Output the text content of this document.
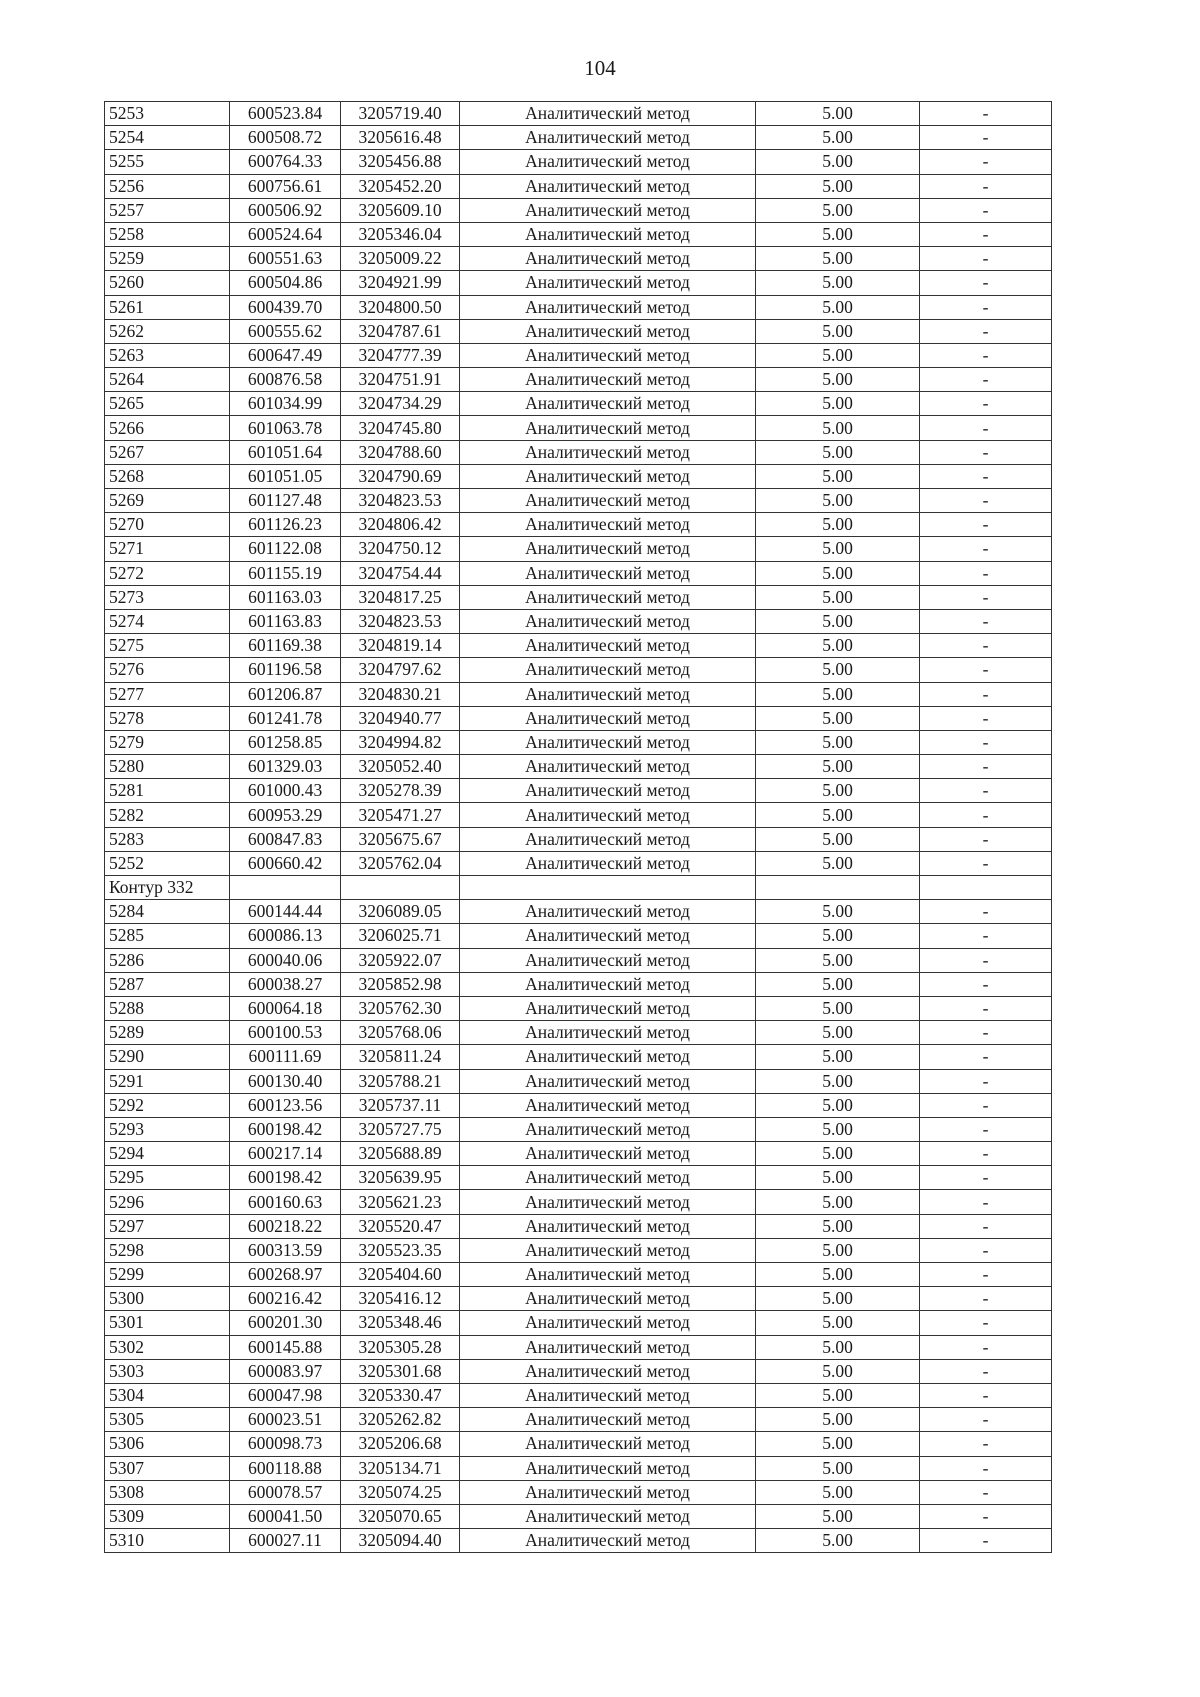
104
5253	600523.84	3205719.40	Аналитический метод	5.00	-
5254	600508.72	3205616.48	Аналитический метод	5.00	-
5255	600764.33	3205456.88	Аналитический метод	5.00	-
5256	600756.61	3205452.20	Аналитический метод	5.00	-
5257	600506.92	3205609.10	Аналитический метод	5.00	-
5258	600524.64	3205346.04	Аналитический метод	5.00	-
5259	600551.63	3205009.22	Аналитический метод	5.00	-
5260	600504.86	3204921.99	Аналитический метод	5.00	-
5261	600439.70	3204800.50	Аналитический метод	5.00	-
5262	600555.62	3204787.61	Аналитический метод	5.00	-
5263	600647.49	3204777.39	Аналитический метод	5.00	-
5264	600876.58	3204751.91	Аналитический метод	5.00	-
5265	601034.99	3204734.29	Аналитический метод	5.00	-
5266	601063.78	3204745.80	Аналитический метод	5.00	-
5267	601051.64	3204788.60	Аналитический метод	5.00	-
5268	601051.05	3204790.69	Аналитический метод	5.00	-
5269	601127.48	3204823.53	Аналитический метод	5.00	-
5270	601126.23	3204806.42	Аналитический метод	5.00	-
5271	601122.08	3204750.12	Аналитический метод	5.00	-
5272	601155.19	3204754.44	Аналитический метод	5.00	-
5273	601163.03	3204817.25	Аналитический метод	5.00	-
5274	601163.83	3204823.53	Аналитический метод	5.00	-
5275	601169.38	3204819.14	Аналитический метод	5.00	-
5276	601196.58	3204797.62	Аналитический метод	5.00	-
5277	601206.87	3204830.21	Аналитический метод	5.00	-
5278	601241.78	3204940.77	Аналитический метод	5.00	-
5279	601258.85	3204994.82	Аналитический метод	5.00	-
5280	601329.03	3205052.40	Аналитический метод	5.00	-
5281	601000.43	3205278.39	Аналитический метод	5.00	-
5282	600953.29	3205471.27	Аналитический метод	5.00	-
5283	600847.83	3205675.67	Аналитический метод	5.00	-
5252	600660.42	3205762.04	Аналитический метод	5.00	-
Контур 332					
5284	600144.44	3206089.05	Аналитический метод	5.00	-
5285	600086.13	3206025.71	Аналитический метод	5.00	-
5286	600040.06	3205922.07	Аналитический метод	5.00	-
5287	600038.27	3205852.98	Аналитический метод	5.00	-
5288	600064.18	3205762.30	Аналитический метод	5.00	-
5289	600100.53	3205768.06	Аналитический метод	5.00	-
5290	600111.69	3205811.24	Аналитический метод	5.00	-
5291	600130.40	3205788.21	Аналитический метод	5.00	-
5292	600123.56	3205737.11	Аналитический метод	5.00	-
5293	600198.42	3205727.75	Аналитический метод	5.00	-
5294	600217.14	3205688.89	Аналитический метод	5.00	-
5295	600198.42	3205639.95	Аналитический метод	5.00	-
5296	600160.63	3205621.23	Аналитический метод	5.00	-
5297	600218.22	3205520.47	Аналитический метод	5.00	-
5298	600313.59	3205523.35	Аналитический метод	5.00	-
5299	600268.97	3205404.60	Аналитический метод	5.00	-
5300	600216.42	3205416.12	Аналитический метод	5.00	-
5301	600201.30	3205348.46	Аналитический метод	5.00	-
5302	600145.88	3205305.28	Аналитический метод	5.00	-
5303	600083.97	3205301.68	Аналитический метод	5.00	-
5304	600047.98	3205330.47	Аналитический метод	5.00	-
5305	600023.51	3205262.82	Аналитический метод	5.00	-
5306	600098.73	3205206.68	Аналитический метод	5.00	-
5307	600118.88	3205134.71	Аналитический метод	5.00	-
5308	600078.57	3205074.25	Аналитический метод	5.00	-
5309	600041.50	3205070.65	Аналитический метод	5.00	-
5310	600027.11	3205094.40	Аналитический метод	5.00	-
